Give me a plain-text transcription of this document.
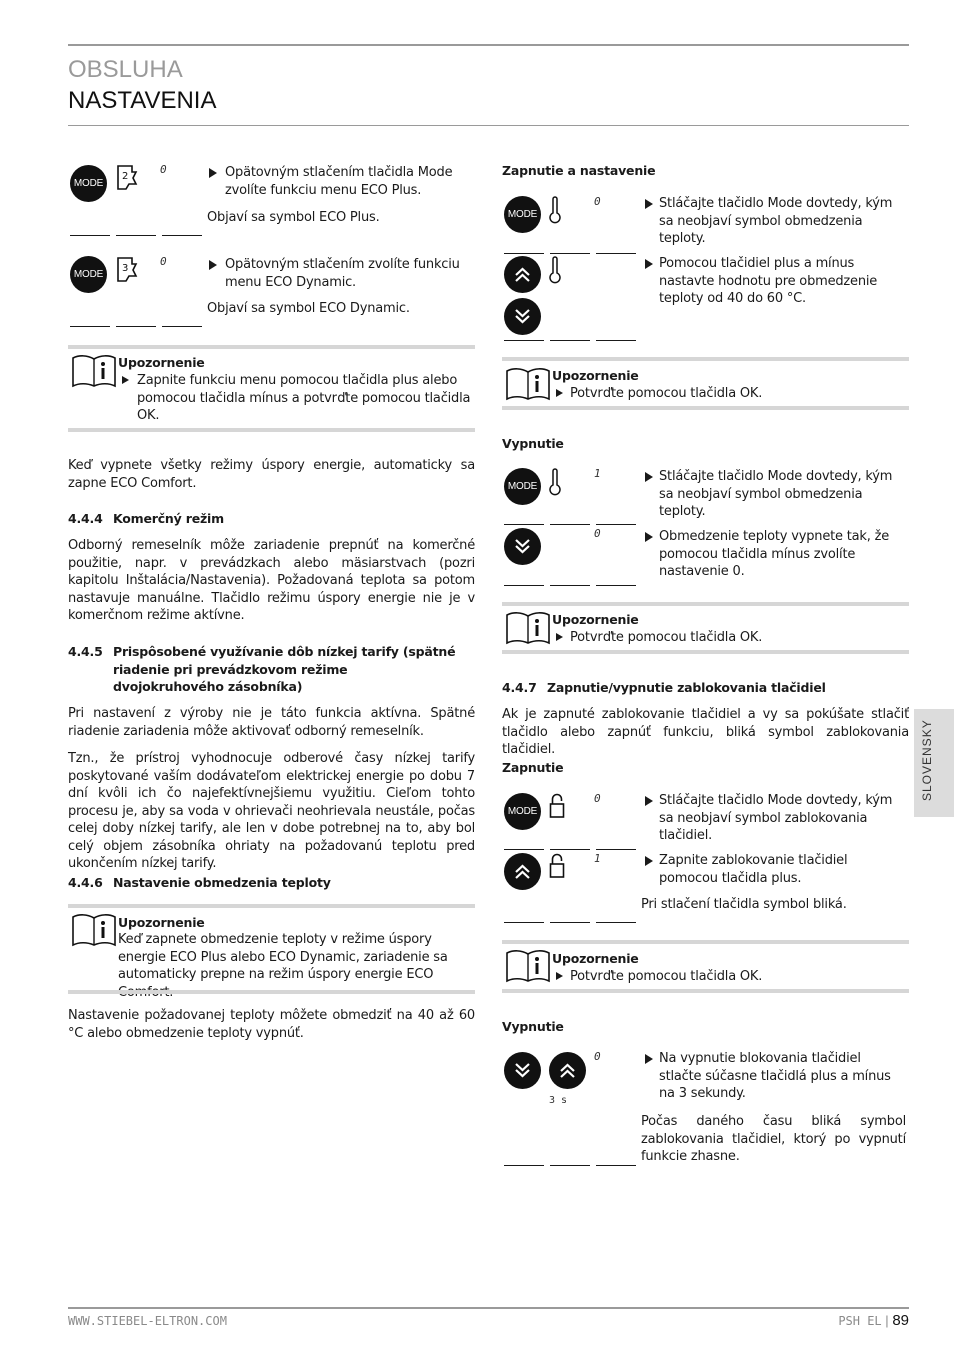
OBSLUHA
NASTAVENIA
MODE
2
0	Opätovným stlačením tlačidla Mode zvolíte funkciu menu ECO Plus.
Objaví sa symbol ECO Plus.
MODE
3
0	Opätovným stlačením zvolíte funkciu menu ECO Dynamic.
Objaví sa symbol ECO Dynamic.
Upozornenie
Zapnite funkciu menu pomocou tlačidla plus alebo pomocou tlačidla mínus a potvrďte pomocou tlačidla OK.
Keď vypnete všetky režimy úspory energie, automaticky sa zapne ECO Comfort.
4.4.4 Komerčný režim
Odborný remeselník môže zariadenie prepnúť na komerčné použitie, napr. v prevádzkach alebo mäsiarstvach (pozri kapitolu Inštalácia/Nastavenia). Požadovaná teplota sa potom nastavuje manuálne. Tlačidlo režimu úspory energie nie je v komerčnom režime aktívne.
4.4.5 Prispôsobené využívanie dôb nízkej tarify (spätné riadenie pri prevádzkovom režime dvojokruhového zásobníka)
Pri nastavení z výroby nie je táto funkcia aktívna. Spätné riadenie zariadenia môže aktivovať odborný remeselník.
Tzn., že prístroj vyhodnocuje odberové časy nízkej tarify poskytované vaším dodávateľom elektrickej energie po dobu 7 dní kvôli ich čo najefektívnejšiemu využitiu. Cieľom tohto procesu je, aby sa voda v ohrievači neohrievala neustále, počas celej doby nízkej tarify, ale len v dobe potrebnej na to, aby bol celý objem zásobníka ohriaty na požadovanú teplotu pred ukončením nízkej tarify.
4.4.6 Nastavenie obmedzenia teploty
Upozornenie
Keď zapnete obmedzenie teploty v režime úspory energie ECO Plus alebo ECO Dynamic, zariadenie sa automaticky prepne na režim úspory energie ECO
Nastavenie požadovanej teploty môžete obmedziť na 40 až 60 °C alebo obmedzenie teploty vypnúť.
Zapnutie a nastavenie
MODE
0	Stláčajte tlačidlo Mode dovtedy, kým sa neobjaví symbol obmedzenia teploty.
Pomocou tlačidiel plus a mínus nastavte hodnotu pre obmedzenie teploty od 40 do 60 °C.
Upozornenie
Potvrďte pomocou tlačidla OK.
Vypnutie
MODE
1
0
Stláčajte tlačidlo Mode dovtedy, kým sa neobjaví symbol obmedzenia teploty.
Obmedzenie teploty vypnete tak, že pomocou tlačidla mínus zvolíte nastavenie 0.
Upozornenie
Potvrďte pomocou tlačidla OK.
4.4.7 Zapnutie/vypnutie zablokovania tlačidiel
Ak je zapnuté zablokovanie tlačidiel a vy sa pokúšate stlačiť tlačidlo alebo zapnúť funkciu, bliká symbol zablokovania tlačidiel.
Zapnutie
MODE
0
1
Stláčajte tlačidlo Mode dovtedy, kým sa neobjaví symbol zablokovania tlačidiel.
Zapnite zablokovanie tlačidiel pomocou tlačidla plus.
Pri stlačení tlačidla symbol bliká.
Upozornenie
Potvrďte pomocou tlačidla OK.
Vypnutie
0
3 s
Na vypnutie blokovania tlačidiel stlačte súčasne tlačidlá plus a mínus na 3 sekundy.
Počas daného času bliká symbol zablokovania tlačidiel, ktorý po vypnutí funkcie zhasne.
SLOVENSKY
WWW.STIEBEL-ELTRON.COM	PSH EL | 89
